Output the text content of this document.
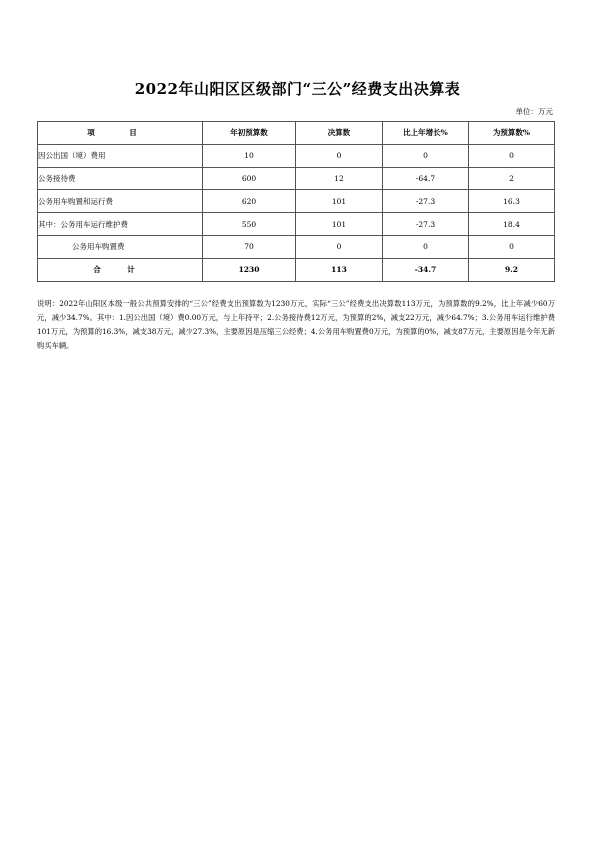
2022年山阳区区级部门“三公”经费支出决算表
单位：万元
项 目	年初预算数	决算数	比上年增长%	为预算数%
因公出国（境）费用	10	0	0	0
公务接待费	600	12	-64.7	2
公务用车购置和运行费	620	101	-27.3	16.3
其中：公务用车运行维护费	550	101	-27.3	18.4
公务用车购置费	70	0	0	0
合 计	1230	113	-34.7	9.2
说明：2022年山阳区本级一般公共预算安排的“三公”经费支出预算数为1230万元，实际“三公”经费支出决算数113万元，为预算数的9.2%，比上年减少60万元，减少34.7%。其中：1.因公出国（境）费0.00万元，与上年持平；2.公务接待费12万元，为预算的2%，减支22万元，减少64.7%；3.公务用车运行维护费101万元，为预算的16.3%，减支38万元，减少27.3%，主要原因是压缩三公经费；4.公务用车购置费0万元，为预算的0%，减支87万元，主要原因是今年无新购买车辆。
